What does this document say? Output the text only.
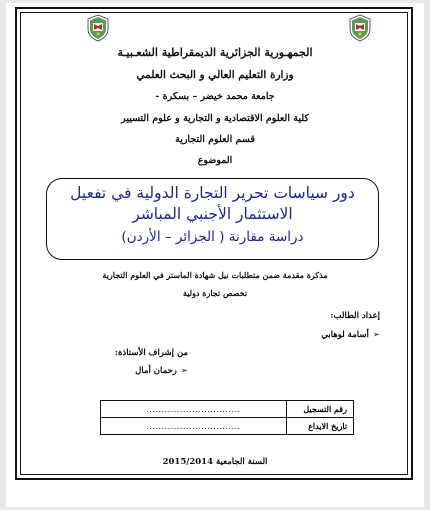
الجمهـورية الجزائرية الديمقراطية الشعـبيـة
وزارة التعليم العالي و البحث العلمي
جامعة محمد خيضر – بسكرة -
كلية العلوم الاقتصادية و التجارية و علوم التسيير
قسم العلوم التجارية
الموضوع
دور سياسات تحرير التجارة الدولية في تفعيل الاستثمار الأجنبي المباشر
دراسة مقارنة ( الجزائر – الأردن)
مذكرة مقدمة ضمن متطلبات نيل شهادة الماستر في العلوم التجارية
تخصص تجارة دولية
إعداد الطالب:
➢أسامة لوهابي
من إشراف الأستاذة:
➢رحمان أمال
رقم التسجيل	...............................
تاريخ الايداع	...............................
السنة الجامعية 2015/2014
